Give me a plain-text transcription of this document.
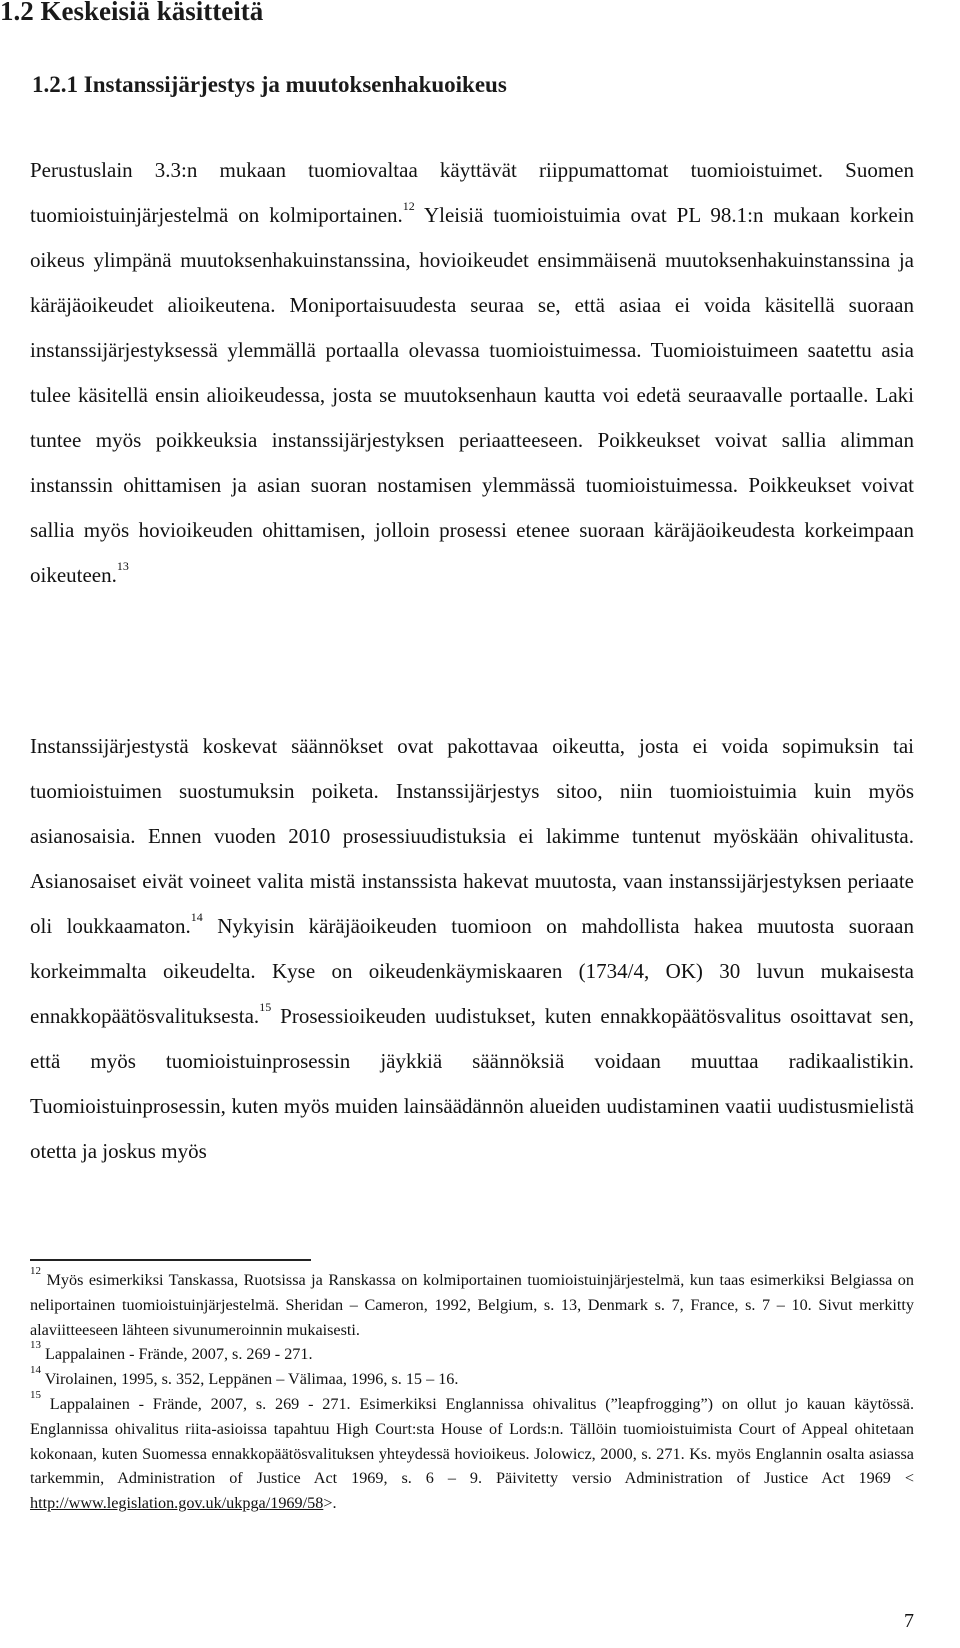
1.2 Keskeisiä käsitteitä
1.2.1 Instanssijärjestys ja muutoksenhakuoikeus

Perustuslain 3.3:n mukaan tuomiovaltaa käyttävät riippumattomat tuomioistuimet. Suomen tuomioistuinjärjestelmä on kolmiportainen.$^{12}$ Yleisiä tuomioistuimia ovat PL 98.1:n mukaan korkein oikeus ylimpänä muutoksenhakuinstanssina, hovioikeudet ensimmäisenä muutoksenhakuinstanssina ja käräjäoikeudet alioikeutena. Moniportaisuudesta seuraa se, että asiaa ei voida käsitellä suoraan instanssijärjestyksessä ylemmällä portaalla olevassa tuomioistuimessa. Tuomioistuimeen saatettu asia tulee käsitellä ensin alioikeudessa, josta se muutoksenhaun kautta voi edetä seuraavalle portaalle. Laki tuntee myös poikkeuksia instanssijärjestyksen periaatteeseen. Poikkeukset voivat sallia alimman instanssin ohittamisen ja asian suoran nostamisen ylemmässä tuomioistuimessa. Poikkeukset voivat sallia myös hovioikeuden ohittamisen, jolloin prosessi etenee suoraan käräjäoikeudesta korkeimpaan oikeuteen.$^{13}$

Instanssijärjestystä koskevat säännökset ovat pakottavaa oikeutta, josta ei voida sopimuksin tai tuomioistuimen suostumuksin poiketa. Instanssijärjestys sitoo, niin tuomioistuimia kuin myös asianosaisia. Ennen vuoden 2010 prosessiuudistuksia ei lakimme tuntenut myöskään ohivalitusta. Asianosaiset eivät voineet valita mistä instanssista hakevat muutosta, vaan instanssijärjestyksen periaate oli loukkaamaton.$^{14}$ Nykyisin käräjäoikeuden tuomioon on mahdollista hakea muutosta suoraan korkeimmalta oikeudelta. Kyse on oikeudenkäymiskaaren (1734/4, OK) 30 luvun mukaisesta ennakkopäätösvalituksesta.$^{15}$ Prosessioikeuden uudistukset, kuten ennakkopäätösvalitus osoittavat sen, että myös tuomioistuinprosessin jäykkiä säännöksiä voidaan muuttaa radikaalistikin. Tuomioistuinprosessin, kuten myös muiden lainsäädännön alueiden uudistaminen vaatii uudistusmielistä otetta ja joskus myös

$^{12}$ Myös esimerkiksi Tanskassa, Ruotsissa ja Ranskassa on kolmiportainen tuomioistuinjärjestelmä, kun taas esimerkiksi Belgiassa on neliportainen tuomioistuinjärjestelmä. Sheridan – Cameron, 1992, Belgium, s. 13, Denmark s. 7, France, s. 7 – 10. Sivut merkitty alaviitteeseen lähteen sivunumeroinnin mukaisesti.

$^{13}$ Lappalainen - Frände, 2007, s. 269 - 271.

$^{14}$ Virolainen, 1995, s. 352, Leppänen – Välimaa, 1996, s. 15 – 16.

$^{15}$ Lappalainen - Frände, 2007, s. 269 - 271. Esimerkiksi Englannissa ohivalitus (”leapfrogging”) on ollut jo kauan käytössä. Englannissa ohivalitus riita-asioissa tapahtuu High Court:sta House of Lords:n. Tällöin tuomioistuimista Court of Appeal ohitetaan kokonaan, kuten Suomessa ennakkopäätösvalituksen yhteydessä hovioikeus. Jolowicz, 2000, s. 271. Ks. myös Englannin osalta asiassa tarkemmin, Administration of Justice Act 1969, s. 6 – 9. Päivitetty versio Administration of Justice Act 1969 < http://www.legislation.gov.uk/ukpga/1969/58>.

7
